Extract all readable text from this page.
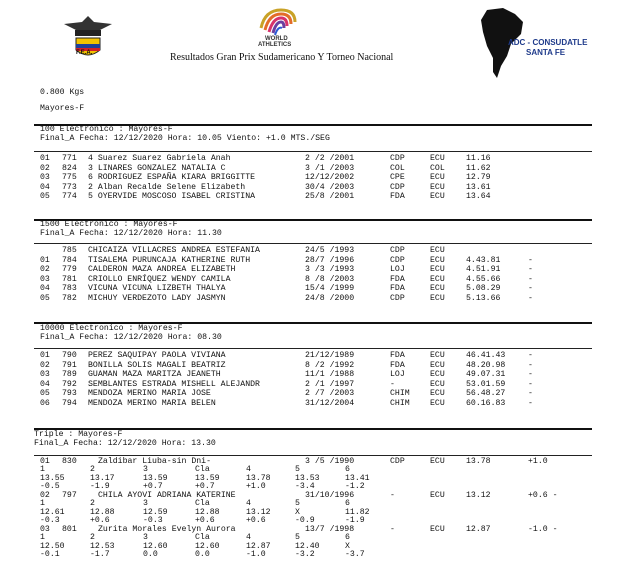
F.E.A.
WORLD
ATHLETICS
Resultados Gran Prix Sudamericano Y Torneo Nacional
ADC - CONSUDATLE
SANTA FE
0.800 Kgs
Mayores-F
100 Electronico : Mayores-F
Final_A Fecha: 12/12/2020 Hora: 10.05 Viento: +1.0 MTS./SEG
01 771 4 Suarez Suarez Gabriela Anah	2 /2 /2001	CDP	ECU	11.16
02 824 3 LINARES GONZALEZ NATALIA C	3 /1 /2003	COL	COL	11.62
03 775 6 RODRIGUEZ ESPAÑA KIARA BRIGGITTE	12/12/2002	CPE	ECU	12.79
04 773 2 Alban Recalde Selene Elizabeth	30/4 /2003	CDP	ECU	13.61
05 774 5 OYERVIDE MOSCOSO ISABEL CRISTINA	25/8 /2001	FDA	ECU	13.64
1500 Electronico : Mayores-F
Final_A Fecha: 12/12/2020 Hora: 11.30
785 CHICAIZA VILLACRES ANDREA ESTEFANIA	24/5 /1993	CDP	ECU
01 784 TISALEMA PURUNCAJA KATHERINE RUTH	28/7 /1996	CDP	ECU	4.43.81	-
02 779 CALDERON MAZA ANDREA ELIZABETH	3 /3 /1993	LOJ	ECU	4.51.91	-
03 781 CRIOLLO ENRÍQUEZ WENDY CAMILA	8 /8 /2003	FDA	ECU	4.55.66	-
04 783 VICUNA VICUNA LIZBETH THALYA	15/4 /1999	FDA	ECU	5.08.29	-
05 782 MICHUY VERDEZOTO LADY JASMYN	24/8 /2000	CDP	ECU	5.13.66	-
10000 Electronico : Mayores-F
Final_A Fecha: 12/12/2020 Hora: 08.30
01 790 PEREZ SAQUIPAY PAOLA VIVIANA	21/12/1989	FDA	ECU	46.41.43	-
02 791 BONILLA SOLIS MAGALI BEATRIZ	8 /2 /1992	FDA	ECU	48.20.98	-
03 789 GUAMAN MAZA MARITZA JEANETH	11/1 /1988	LOJ	ECU	49.07.31	-
04 792 SEMBLANTES ESTRADA MISHELL ALEJANDR	2 /1 /1997	-	ECU	53.01.59	-
05 793 MENDOZA MERINO MARIA JOSE	2 /7 /2003	CHIM ECU	56.48.27	-
06 794 MENDOZA MERINO MARIA BELEN	31/12/2004	CHIM ECU	60.16.83	-
Triple : Mayores-F
Final_A Fecha: 12/12/2020 Hora: 13.30
01 830	Zaldibar Liuba-sin Dni-	3 /5 /1990	CDP	ECU	13.78	+1.0
1	2	3	Cla	4	5	6
13.55	13.17	13.59	13.59	13.78	13.53	13.41
-0.5	-1.9	+0.7	+0.7	+1.0	-3.4	-1.2
02 797	CHILA AYOVI ADRIANA KATERINE	31/10/1996	-	ECU	13.12	+0.6 -
1	2	3	Cla	4	5	6
12.61	12.88	12.59	12.88	13.12	X	11.82
-0.3	+0.6	-0.3	+0.6	+0.6	-0.9	-1.9
03 801	Zurita Morales Evelyn Aurora	13/7 /1998	-	ECU	12.87	-1.0 -
1	2	3	Cla	4	5	6
12.50	12.53	12.60	12.60	12.87	12.40	X
-0.1	-1.7	0.0	0.0	-1.0	-3.2	-3.7
